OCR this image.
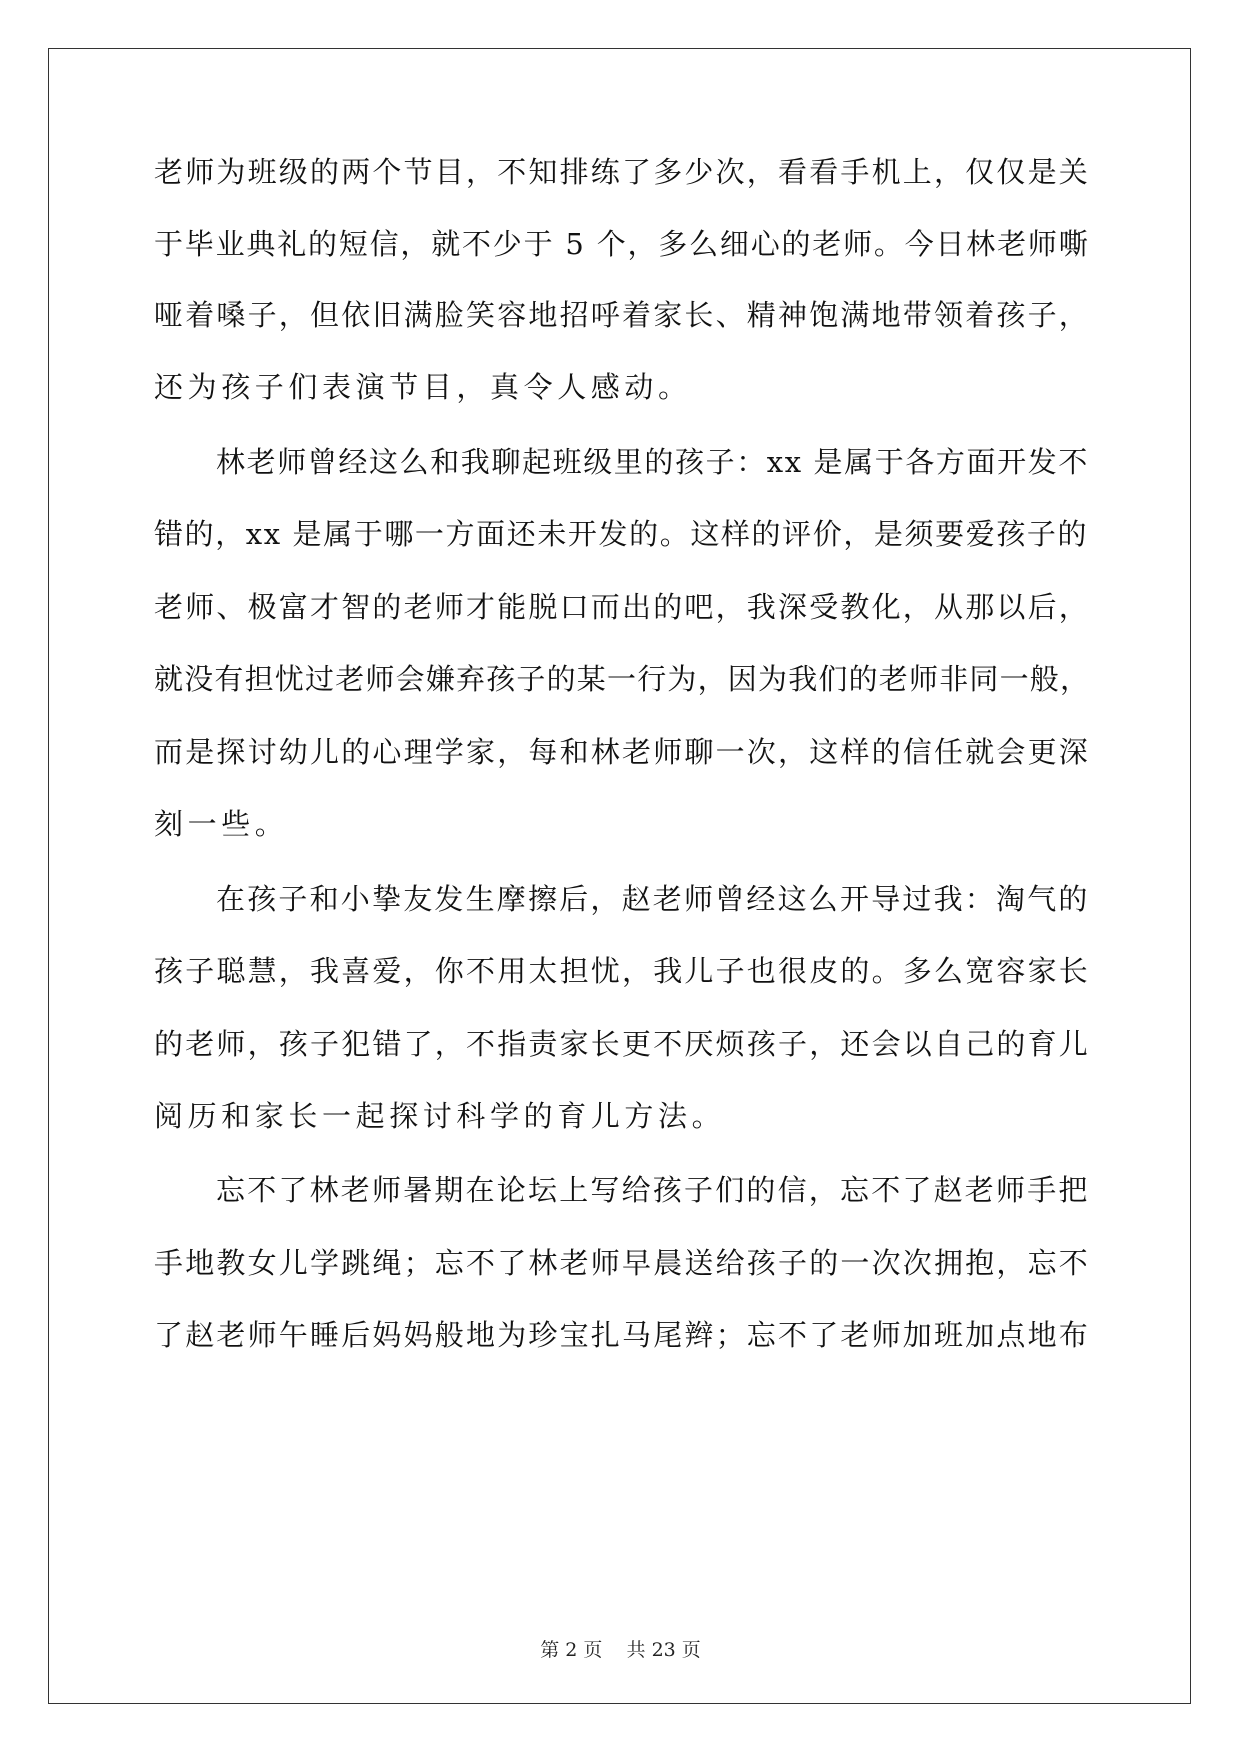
老师为班级的两个节目，不知排练了多少次，看看手机上，仅仅是关
于毕业典礼的短信，就不少于 5 个，多么细心的老师。今日林老师嘶
哑着嗓子，但依旧满脸笑容地招呼着家长、精神饱满地带领着孩子，
还为孩子们表演节目，真令人感动。
林老师曾经这么和我聊起班级里的孩子：xx 是属于各方面开发不
错的，xx 是属于哪一方面还未开发的。这样的评价，是须要爱孩子的
老师、极富才智的老师才能脱口而出的吧，我深受教化，从那以后，
就没有担忧过老师会嫌弃孩子的某一行为，因为我们的老师非同一般，
而是探讨幼儿的心理学家，每和林老师聊一次，这样的信任就会更深
刻一些。
在孩子和小挚友发生摩擦后，赵老师曾经这么开导过我：淘气的
孩子聪慧，我喜爱，你不用太担忧，我儿子也很皮的。多么宽容家长
的老师，孩子犯错了，不指责家长更不厌烦孩子，还会以自己的育儿
阅历和家长一起探讨科学的育儿方法。
忘不了林老师暑期在论坛上写给孩子们的信，忘不了赵老师手把
手地教女儿学跳绳；忘不了林老师早晨送给孩子的一次次拥抱，忘不
了赵老师午睡后妈妈般地为珍宝扎马尾辫；忘不了老师加班加点地布
第 2 页    共 23 页
